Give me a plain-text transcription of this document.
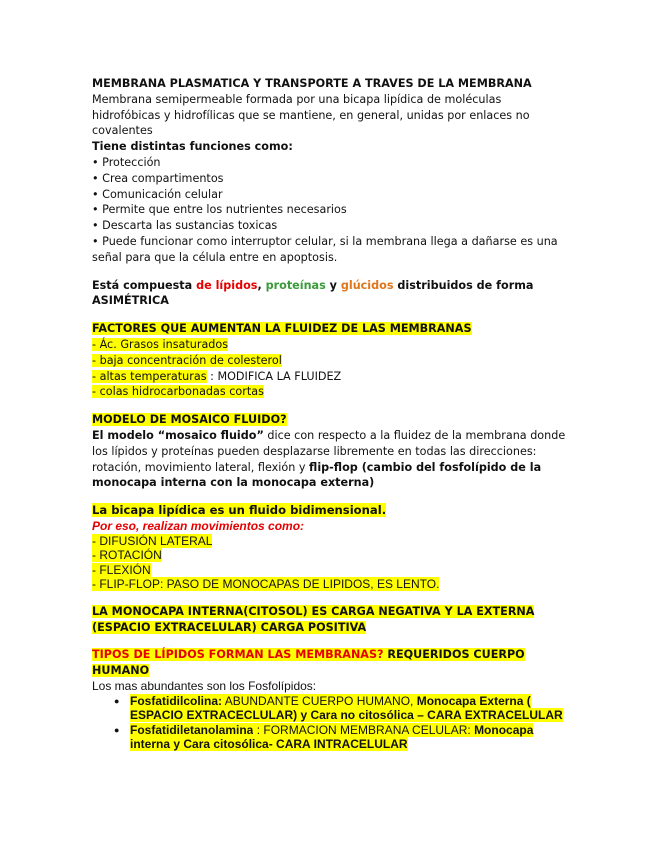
MEMBRANA PLASMATICA Y TRANSPORTE A TRAVES DE LA MEMBRANA

Membrana semipermeable formada por una bicapa lipídica de moléculas hidrofóbicas y hidrofílicas que se mantiene, en general, unidas por enlaces no covalentes

Tiene distintas funciones como:

• Protección

• Crea compartimentos

• Comunicación celular

• Permite que entre los nutrientes necesarios

• Descarta las sustancias toxicas

• Puede funcionar como interruptor celular, si la membrana llega a dañarse es una señal para que la célula entre en apoptosis.

Está compuesta de lípidos, proteínas y glúcidos distribuidos de forma ASIMÉTRICA

FACTORES QUE AUMENTAN LA FLUIDEZ DE LAS MEMBRANAS

- Ác. Grasos insaturados

- baja concentración de colesterol

- altas temperaturas : MODIFICA LA FLUIDEZ

- colas hidrocarbonadas cortas

MODELO DE MOSAICO FLUIDO?

El modelo “mosaico fluido” dice con respecto a la fluidez de la membrana donde los lípidos y proteínas pueden desplazarse libremente en todas las direcciones: rotación, movimiento lateral, flexión y flip-flop (cambio del fosfolípido de la monocapa interna con la monocapa externa)

La bicapa lipídica es un fluido bidimensional.

Por eso, realizan movimientos como:

- DIFUSIÓN LATERAL

- ROTACIÓN

- FLEXIÓN

- FLIP-FLOP: PASO DE MONOCAPAS DE LIPIDOS, ES LENTO.

LA MONOCAPA INTERNA(CITOSOL) ES CARGA NEGATIVA Y LA EXTERNA (ESPACIO EXTRACELULAR) CARGA POSITIVA

TIPOS DE LÍPIDOS FORMAN LAS MEMBRANAS? REQUERIDOS CUERPO HUMANO

Los mas abundantes son los Fosfolípidos:

● Fosfatidilcolina: ABUNDANTE CUERPO HUMANO, Monocapa Externa ( ESPACIO EXTRACECLULAR) y Cara no citosólica – CARA EXTRACELULAR
● Fosfatidiletanolamina : FORMACION MEMBRANA CELULAR: Monocapa interna y Cara citosólica- CARA INTRACELULAR
